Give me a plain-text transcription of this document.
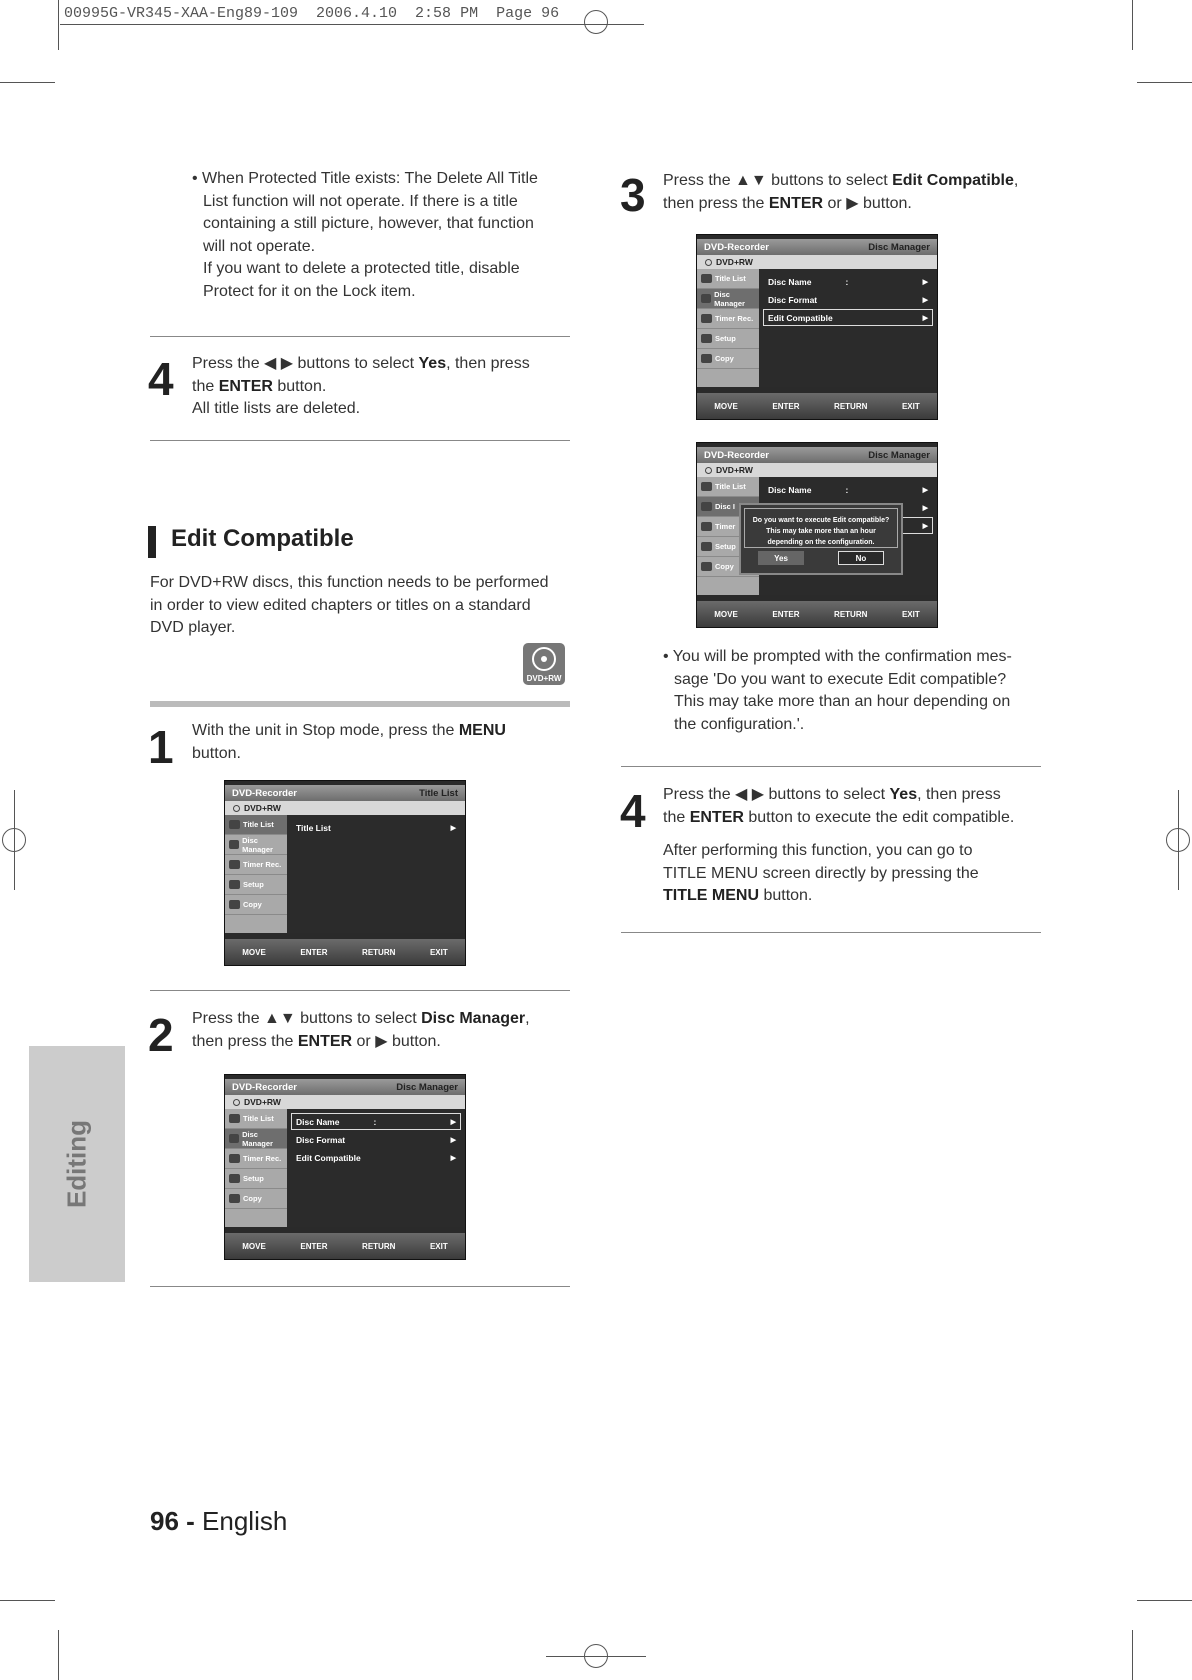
00995G-VR345-XAA-Eng89-109  2006.4.10  2:58 PM  Page 96
• When Protected Title exists: The Delete All Title
List function will not operate. If there is a title
containing a still picture, however, that function
will not operate.
If you want to delete a protected title, disable
Protect for it on the Lock item.
4 Press the ◀ ▶ buttons to select Yes, then press
the ENTER button.
All title lists are deleted.
Edit Compatible
For DVD+RW discs, this function needs to be performed
in order to view edited chapters or titles on a standard
DVD player.
DVD+RW
1 With the unit in Stop mode, press the MENU
button.
DVD-Recorder	Title List
DVD+RW
Title List
Disc Manager
Timer Rec.
Setup
Copy
Title List	▶
MOVE	ENTER	RETURN	EXIT
2 Press the ▲▼ buttons to select Disc Manager,
then press the ENTER or ▶ button.
DVD-Recorder	Disc Manager
DVD+RW
Title List
Disc Manager
Timer Rec.
Setup
Copy
Disc Name	:	▶
Disc Format	▶
Edit Compatible	▶
MOVE	ENTER	RETURN	EXIT
3 Press the ▲▼ buttons to select Edit Compatible,
then press the ENTER or ▶ button.
DVD-Recorder	Disc Manager
DVD+RW
Title List
Disc Manager
Timer Rec.
Setup
Copy
Disc Name	:	▶
Disc Format	▶
Edit Compatible	▶
MOVE	ENTER	RETURN	EXIT
DVD-Recorder	Disc Manager
DVD+RW
Title List
Disc I
Timer
Setup
Copy
Disc Name	:	▶
▶
▶
MOVE	ENTER	RETURN	EXIT
Do you want to execute Edit compatible?
This may take more than an hour
depending on the configuration.
Yes	No
• You will be prompted with the confirmation mes-
sage 'Do you want to execute Edit compatible?
This may take more than an hour depending on
the configuration.'.
4 Press the ◀ ▶ buttons to select Yes, then press
the ENTER button to execute the edit compatible.
After performing this function, you can go to
TITLE MENU screen directly by pressing the
TITLE MENU button.
Editing
96 - English
